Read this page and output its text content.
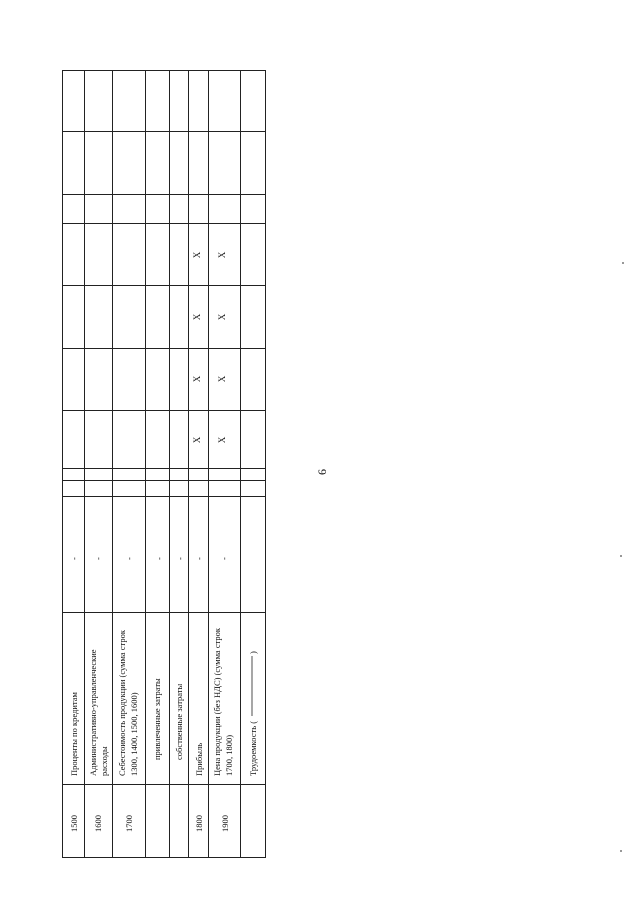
6
1500
Проценты по кредитам
-
1600
Административно-управленческие расходы
-
1700
Себестоимость продукции (сумма строк 1300, 1400, 1500, 1600)
-
привлеченные затраты
-
собственные затраты
-
1800
Прибыль
-
X
X
X
X
1900
Цена продукции (без НДС) (сумма строк 1700, 1800)
-
X
X
X
X
Трудоемкость (
)
